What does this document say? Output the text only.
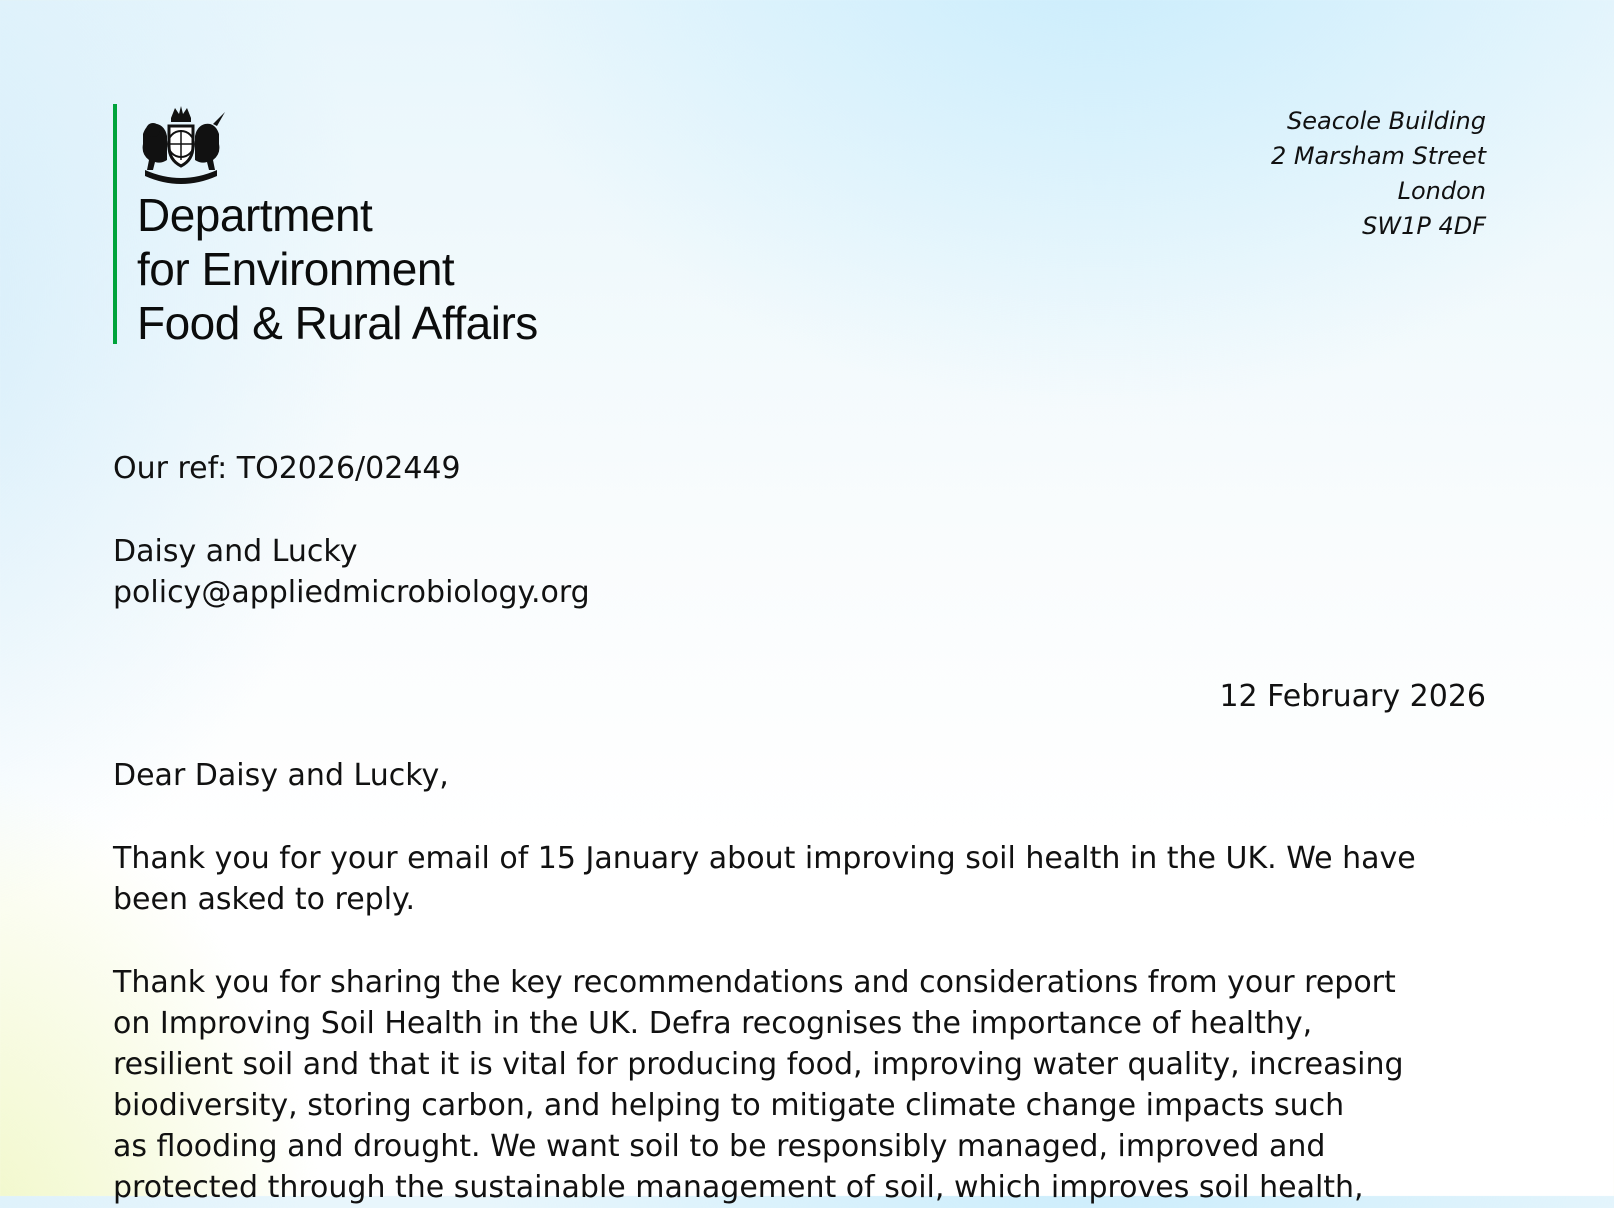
Department
for Environment
Food & Rural Affairs
Seacole Building
2 Marsham Street
London
SW1P 4DF
Our ref: TO2026/02449
Daisy and Lucky
policy@appliedmicrobiology.org
12 February 2026
Dear Daisy and Lucky,
Thank you for your email of 15 January about improving soil health in the UK. We have
been asked to reply.
Thank you for sharing the key recommendations and considerations from your report
on Improving Soil Health in the UK. Defra recognises the importance of healthy,
resilient soil and that it is vital for producing food, improving water quality, increasing
biodiversity, storing carbon, and helping to mitigate climate change impacts such
as flooding and drought. We want soil to be responsibly managed, improved and
protected through the sustainable management of soil, which improves soil health,
